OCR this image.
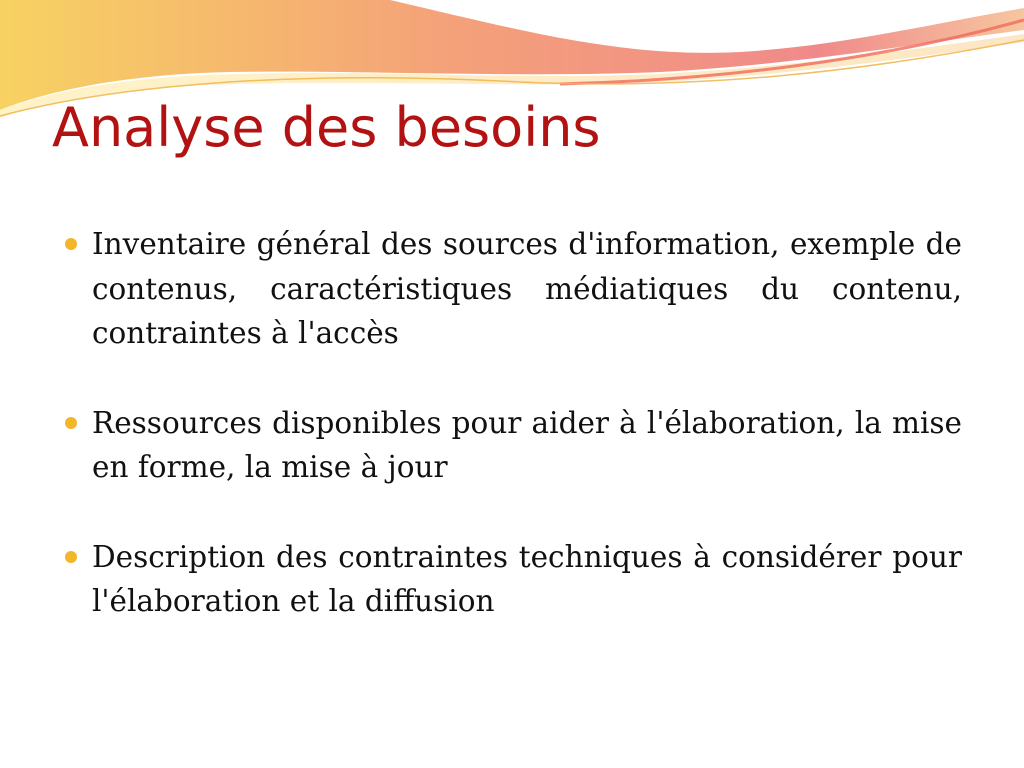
Analyse des besoins
Inventaire général des sources d'information, exemple de contenus, caractéristiques médiatiques du contenu, contraintes à l'accès
Ressources disponibles pour aider à l'élaboration, la mise en forme, la mise à jour
Description des contraintes techniques à considérer pour l'élaboration et la diffusion
